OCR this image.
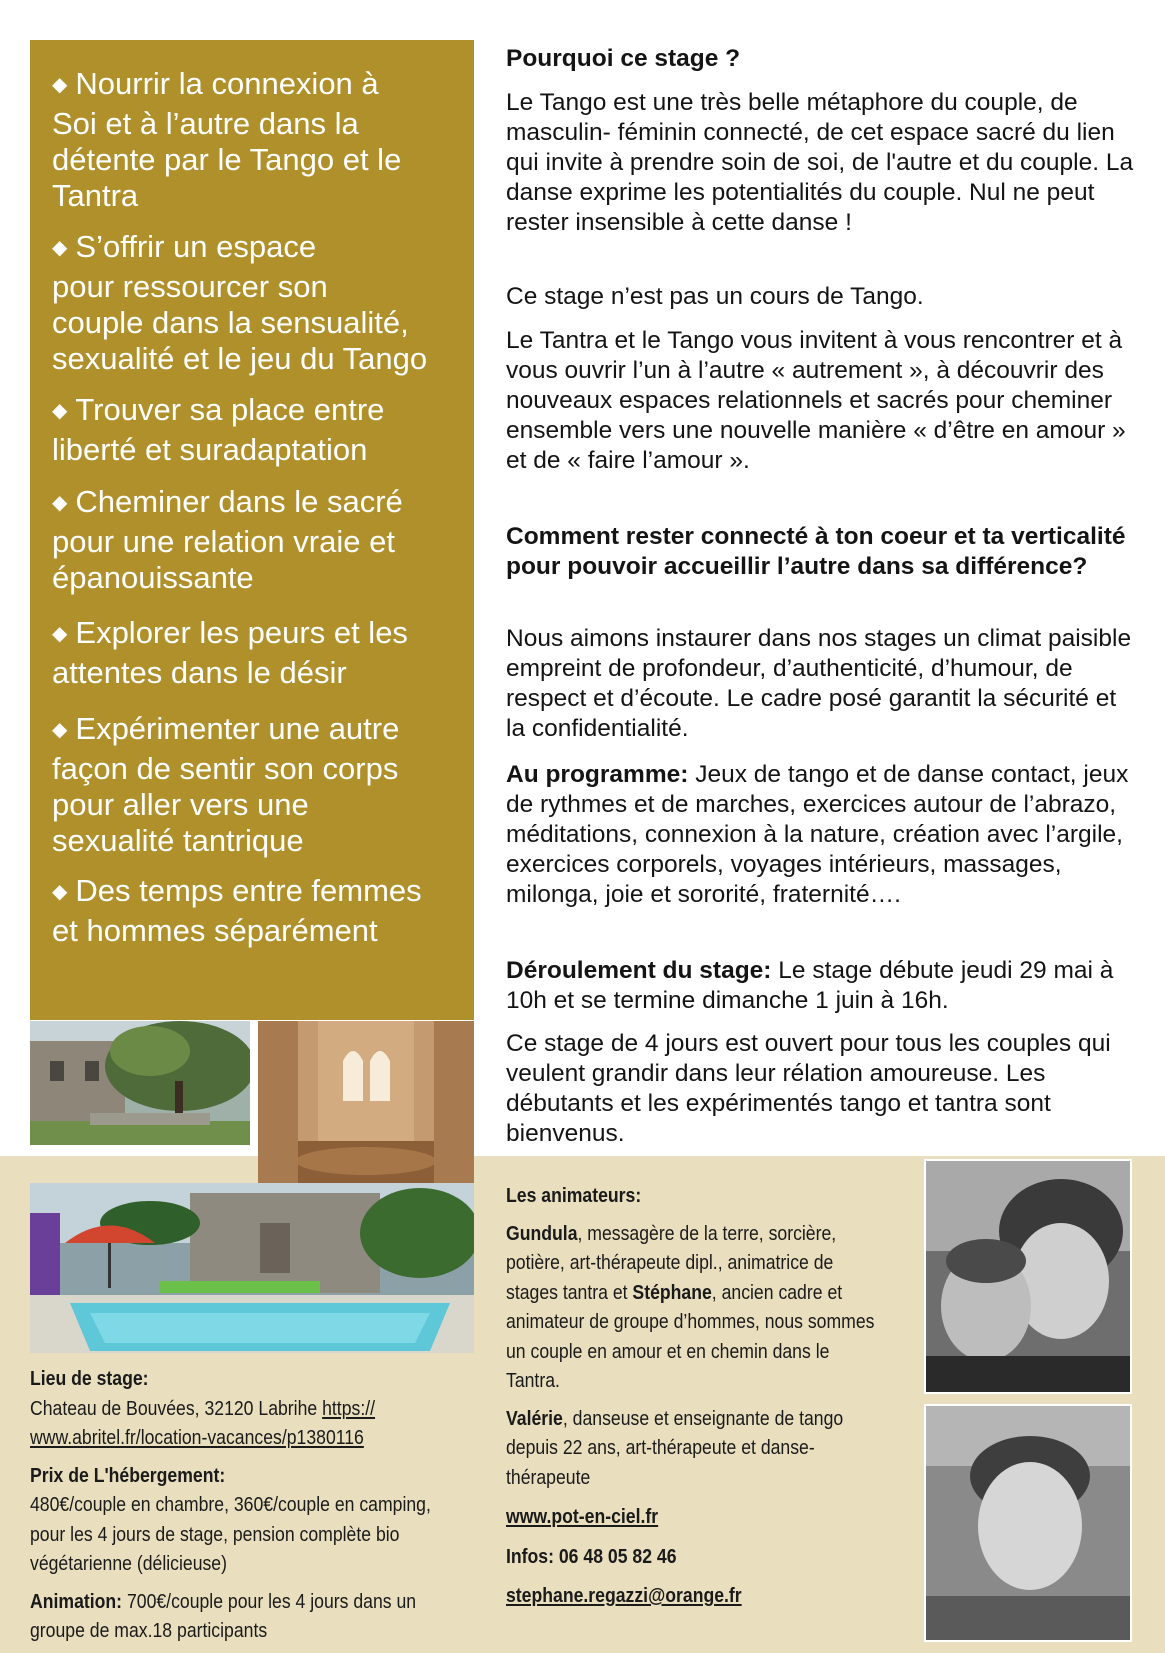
◆ Nourrir la connexion à
Soi et à l’autre dans la
détente par le Tango et le
Tantra
◆ S’offrir un espace
pour ressourcer son
couple dans la sensualité,
sexualité et le jeu du Tango
◆ Trouver sa place entre
liberté et suradaptation
◆ Cheminer dans le sacré
pour une relation vraie et
épanouissante
◆ Explorer les peurs et les
attentes dans le désir
◆ Expérimenter une autre
façon de sentir son corps
pour aller vers une
sexualité tantrique
◆ Des temps entre femmes
et hommes séparément

Pourquoi ce stage ?

Le Tango est une très belle métaphore du couple, de masculin- féminin connecté, de cet espace sacré du lien qui invite à prendre soin de soi, de l'autre et du couple. La danse exprime les potentialités du couple. Nul ne peut rester insensible à cette danse !

Ce stage n’est pas un cours de Tango.

Le Tantra et le Tango vous invitent à vous rencontrer et à vous ouvrir l’un à l’autre « autrement », à découvrir des nouveaux espaces relationnels et sacrés pour cheminer ensemble vers une nouvelle manière « d’être en amour » et de « faire l’amour ».

Comment rester connecté à ton coeur et ta verticalité pour pouvoir accueillir l’autre dans sa différence?

Nous aimons instaurer dans nos stages un climat paisible empreint de profondeur, d’authenticité, d’humour, de respect et d’écoute. Le cadre posé garantit la sécurité et la confidentialité.

Au programme: Jeux de tango et de danse contact, jeux de rythmes et de marches, exercices autour de l’abrazo, méditations, connexion à la nature, création avec l’argile, exercices corporels, voyages intérieurs, massages, milonga, joie et sororité, fraternité….

Déroulement du stage: Le stage débute jeudi 29 mai à 10h et se termine dimanche 1 juin à 16h.

Ce stage de 4 jours est ouvert pour tous les couples qui veulent grandir dans leur rélation amoureuse. Les débutants et les expérimentés tango et tantra sont bienvenus.

Lieu de stage:
Chateau de Bouvées, 32120 Labrihe https://
www.abritel.fr/location-vacances/p1380116
Prix de L'hébergement:
480€/couple en chambre, 360€/couple en camping, pour les 4 jours de stage, pension complète bio végétarienne (délicieuse)
Animation: 700€/couple pour les 4 jours dans un groupe de max.18 participants
Les animateurs:
Gundula, messagère de la terre, sorcière, potière, art-thérapeute dipl., animatrice de stages tantra et Stéphane, ancien cadre et animateur de groupe d’hommes, nous sommes un couple en amour et en chemin dans le Tantra.
Valérie, danseuse et enseignante de tango depuis 22 ans, art-thérapeute et danse-thérapeute
www.pot-en-ciel.fr
Infos: 06 48 05 82 46
stephane.regazzi@orange.fr
